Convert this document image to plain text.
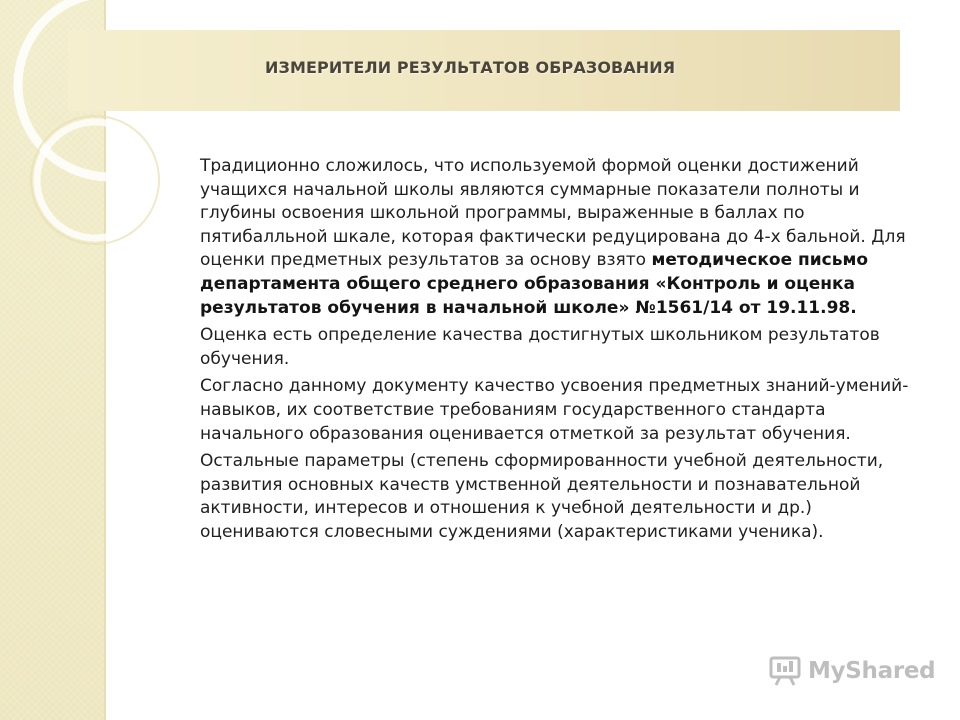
ИЗМЕРИТЕЛИ РЕЗУЛЬТАТОВ ОБРАЗОВАНИЯ

Традиционно сложилось, что используемой формой оценки достижений учащихся начальной школы являются суммарные показатели полноты и глубины освоения школьной программы, выраженные в баллах по пятибалльной шкале, которая фактически редуцирована до 4-х бальной. Для оценки предметных результатов за основу взято методическое письмо департамента общего среднего образования «Контроль и оценка результатов обучения в начальной школе» №1561/14 от 19.11.98.

Оценка есть определение качества достигнутых школьником результатов обучения.

Согласно данному документу качество усвоения предметных знаний-умений-навыков, их соответствие требованиям государственного стандарта начального образования оценивается отметкой за результат обучения.

Остальные параметры (степень сформированности учебной деятельности, развития основных качеств умственной деятельности и познавательной активности, интересов и отношения к учебной деятельности и др.) оцениваются словесными суждениями (характеристиками ученика).

MyShared
